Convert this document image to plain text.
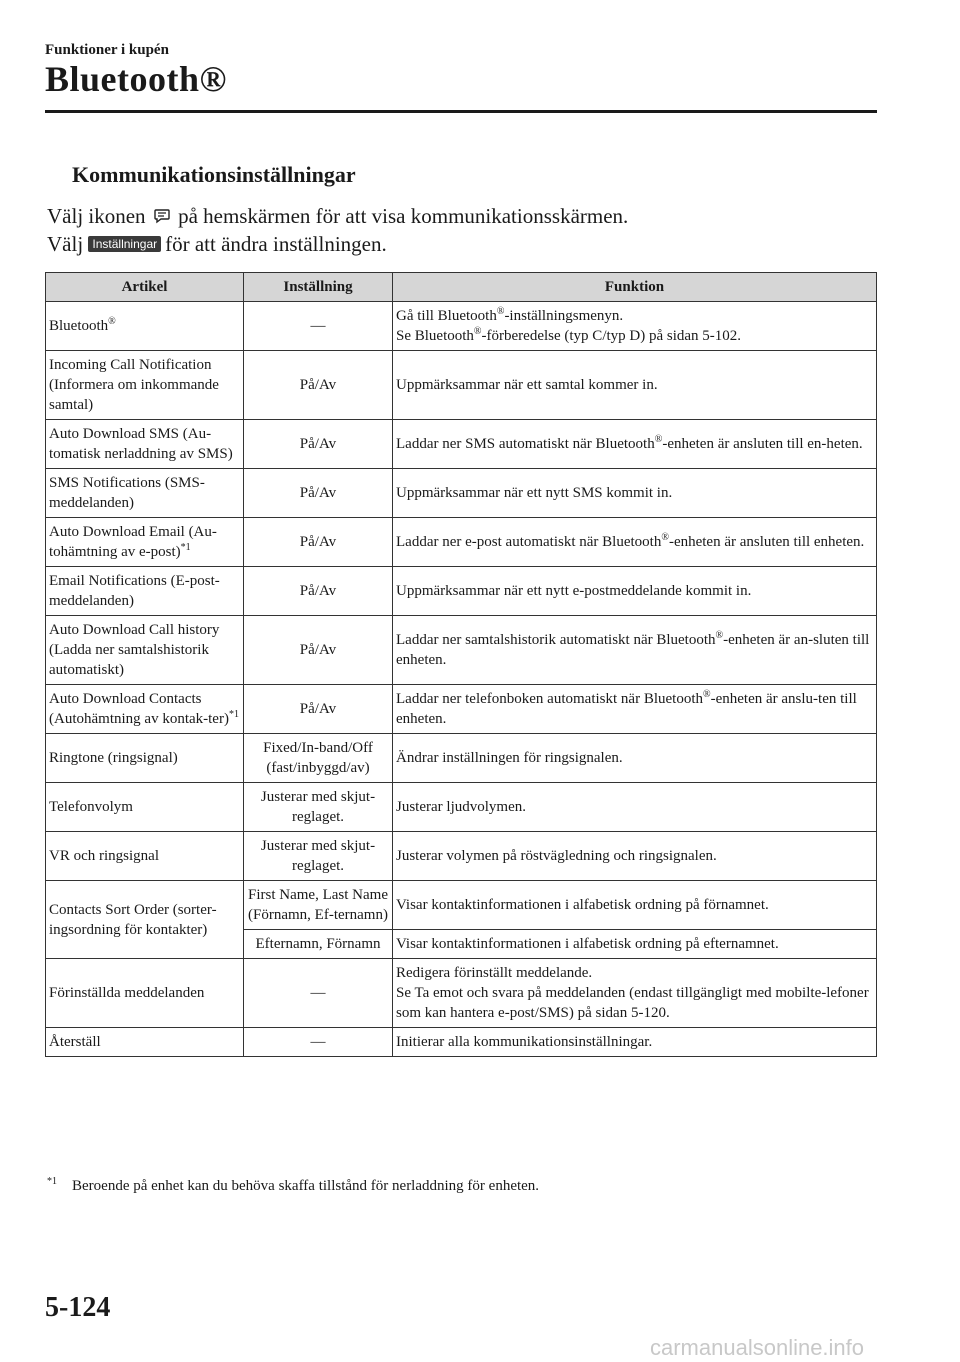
Funktioner i kupén
Bluetooth®
Kommunikationsinställningar
Välj ikonen på hemskärmen för att visa kommunikationsskärmen.
Välj Inställningar för att ändra inställningen.
Artikel	Inställning	Funktion
Bluetooth®	—	Gå till Bluetooth®-inställningsmenyn.
Se Bluetooth®-förberedelse (typ C/typ D) på sidan 5-102.
Incoming Call Notification (Informera om inkommande samtal)	På/Av	Uppmärksammar när ett samtal kommer in.
Auto Download SMS (Au-tomatisk nerladdning av SMS)	På/Av	Laddar ner SMS automatiskt när Bluetooth®-enheten är ansluten till en-heten.
SMS Notifications (SMS-meddelanden)	På/Av	Uppmärksammar när ett nytt SMS kommit in.
Auto Download Email (Au-tohämtning av e-post)$^{*1}$	På/Av	Laddar ner e-post automatiskt när Bluetooth®-enheten är ansluten till enheten.
Email Notifications (E-post-meddelanden)	På/Av	Uppmärksammar när ett nytt e-postmeddelande kommit in.
Auto Download Call history (Ladda ner samtalshistorik automatiskt)	På/Av	Laddar ner samtalshistorik automatiskt när Bluetooth®-enheten är an-sluten till enheten.
Auto Download Contacts (Autohämtning av kontak-ter)$^{*1}$	På/Av	Laddar ner telefonboken automatiskt när Bluetooth®-enheten är anslu-ten till enheten.
Ringtone (ringsignal)	Fixed/In-band/Off (fast/inbyggd/av)	Ändrar inställningen för ringsignalen.
Telefonvolym	Justerar med skjut-reglaget.	Justerar ljudvolymen.
VR och ringsignal	Justerar med skjut-reglaget.	Justerar volymen på röstvägledning och ringsignalen.
Contacts Sort Order (sorter-ingsordning för kontakter)	First Name, Last Name (Förnamn, Ef-ternamn)	Visar kontaktinformationen i alfabetisk ordning på förnamnet.
	Efternamn, Förnamn	Visar kontaktinformationen i alfabetisk ordning på efternamnet.
Förinställda meddelanden	—	Redigera förinställt meddelande.
Se Ta emot och svara på meddelanden (endast tillgängligt med mobilte-lefoner som kan hantera e-post/SMS) på sidan 5-120.
Återställ	—	Initierar alla kommunikationsinställningar.
$^{*1}$ Beroende på enhet kan du behöva skaffa tillstånd för nerladdning för enheten.
5-124
carmanualsonline.info
